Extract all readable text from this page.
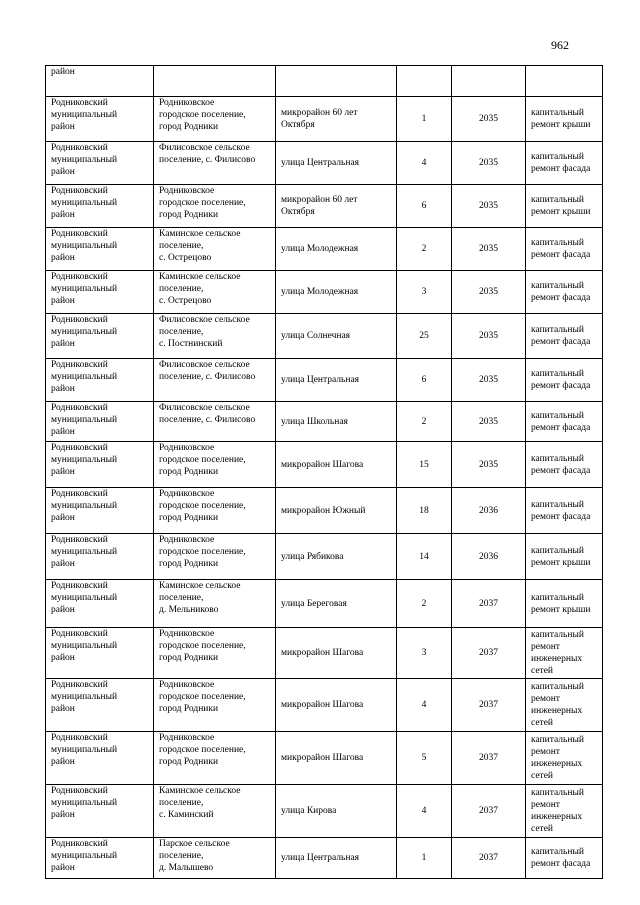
962
район					
Родниковский
муниципальный
район	Родниковское
городское поселение,
город Родники	микрорайон 60 лет
Октября	1	2035	капитальный
ремонт крыши
Родниковский
муниципальный
район	Филисовское сельское
поселение, с. Филисово	улица Центральная	4	2035	капитальный
ремонт фасада
Родниковский
муниципальный
район	Родниковское
городское поселение,
город Родники	микрорайон 60 лет
Октября	6	2035	капитальный
ремонт крыши
Родниковский
муниципальный
район	Каминское сельское
поселение,
с. Острецово	улица Молодежная	2	2035	капитальный
ремонт фасада
Родниковский
муниципальный
район	Каминское сельское
поселение,
с. Острецово	улица Молодежная	3	2035	капитальный
ремонт фасада
Родниковский
муниципальный
район	Филисовское сельское
поселение,
с. Постнинский	улица Солнечная	25	2035	капитальный
ремонт фасада
Родниковский
муниципальный
район	Филисовское сельское
поселение, с. Филисово	улица Центральная	6	2035	капитальный
ремонт фасада
Родниковский
муниципальный
район	Филисовское сельское
поселение, с. Филисово	улица Школьная	2	2035	капитальный
ремонт фасада
Родниковский
муниципальный
район	Родниковское
городское поселение,
город Родники	микрорайон Шагова	15	2035	капитальный
ремонт фасада
Родниковский
муниципальный
район	Родниковское
городское поселение,
город Родники	микрорайон Южный	18	2036	капитальный
ремонт фасада
Родниковский
муниципальный
район	Родниковское
городское поселение,
город Родники	улица Рябикова	14	2036	капитальный
ремонт крыши
Родниковский
муниципальный
район	Каминское сельское
поселение,
д. Мельниково	улица Береговая	2	2037	капитальный
ремонт крыши
Родниковский
муниципальный
район	Родниковское
городское поселение,
город Родники	микрорайон Шагова	3	2037	капитальный
ремонт
инженерных
сетей
Родниковский
муниципальный
район	Родниковское
городское поселение,
город Родники	микрорайон Шагова	4	2037	капитальный
ремонт
инженерных
сетей
Родниковский
муниципальный
район	Родниковское
городское поселение,
город Родники	микрорайон Шагова	5	2037	капитальный
ремонт
инженерных
сетей
Родниковский
муниципальный
район	Каминское сельское
поселение,
с. Каминский	улица Кирова	4	2037	капитальный
ремонт
инженерных
сетей
Родниковский
муниципальный
район	Парское сельское
поселение,
д. Малышево	улица Центральная	1	2037	капитальный
ремонт фасада
